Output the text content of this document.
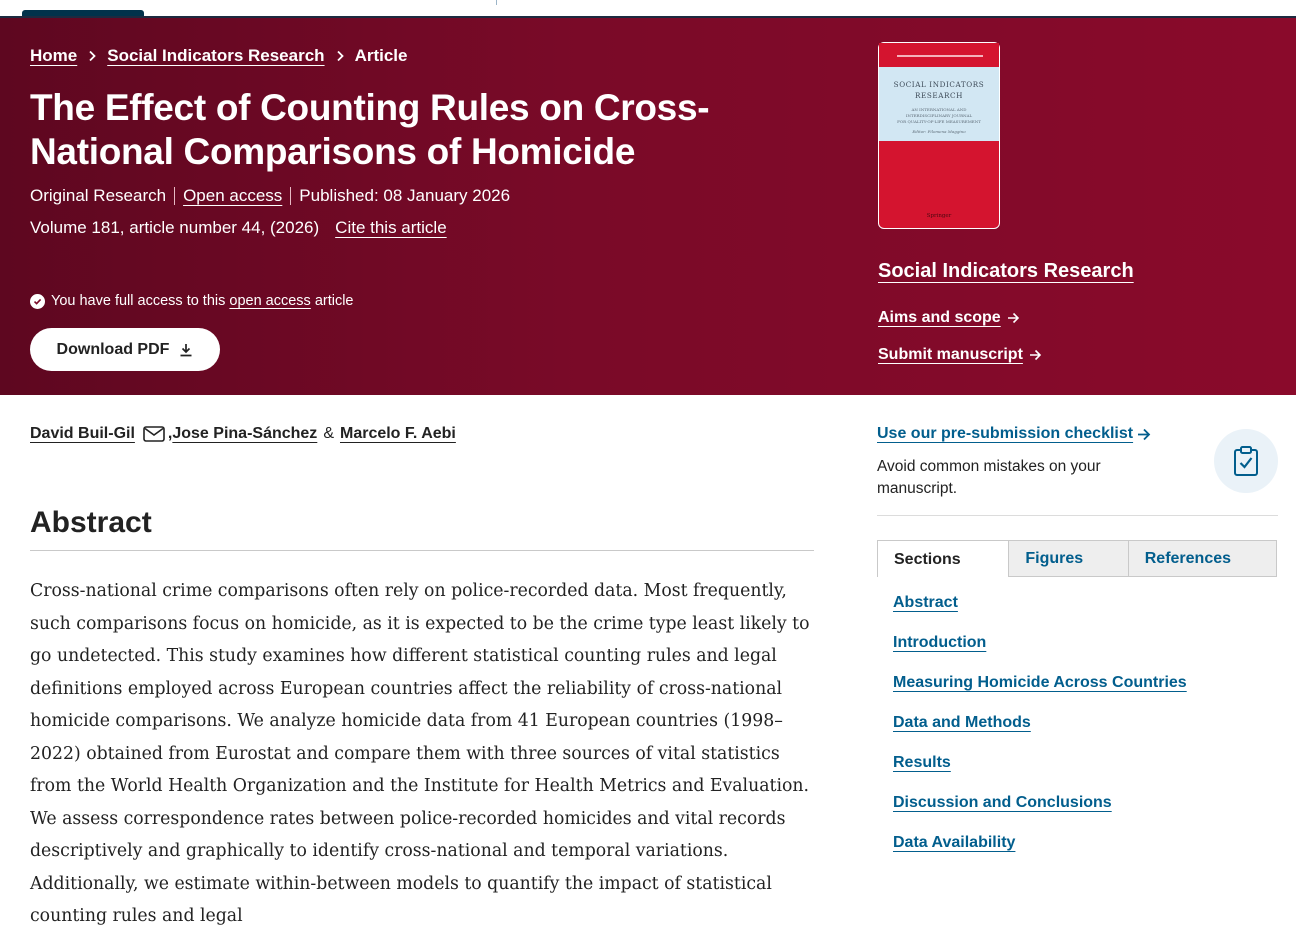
Home Social Indicators Research Article
The Effect of Counting Rules on Cross-National Comparisons of Homicide
Original Research Open access Published: 08 January 2026
Volume 181, article number 44, (2026) Cite this article
You have full access to this open access article
Download PDF
SOCIAL INDICATORS
RESEARCH
AN INTERNATIONAL AND
INTERDISCIPLINARY JOURNAL
FOR QUALITY-OF-LIFE MEASUREMENT
Editor: Filomena Maggino
Springer
Social Indicators Research
Aims and scope
Submit manuscript
David Buil-Gil , Jose Pina-Sánchez & Marcelo F. Aebi
Abstract

Cross-national crime comparisons often rely on police-recorded data. Most frequently, such comparisons focus on homicide, as it is expected to be the crime type least likely to go undetected. This study examines how different statistical counting rules and legal definitions employed across European countries affect the reliability of cross-national homicide comparisons. We analyze homicide data from 41 European countries (1998–2022) obtained from Eurostat and compare them with three sources of vital statistics from the World Health Organization and the Institute for Health Metrics and Evaluation. We assess correspondence rates between police-recorded homicides and vital records descriptively and graphically to identify cross-national and temporal variations. Additionally, we estimate within-between models to quantify the impact of statistical counting rules and legal

Use our pre-submission checklist
Avoid common mistakes on your manuscript.
Sections	Figures	References
Abstract
Introduction
Measuring Homicide Across Countries
Data and Methods
Results
Discussion and Conclusions
Data Availability
